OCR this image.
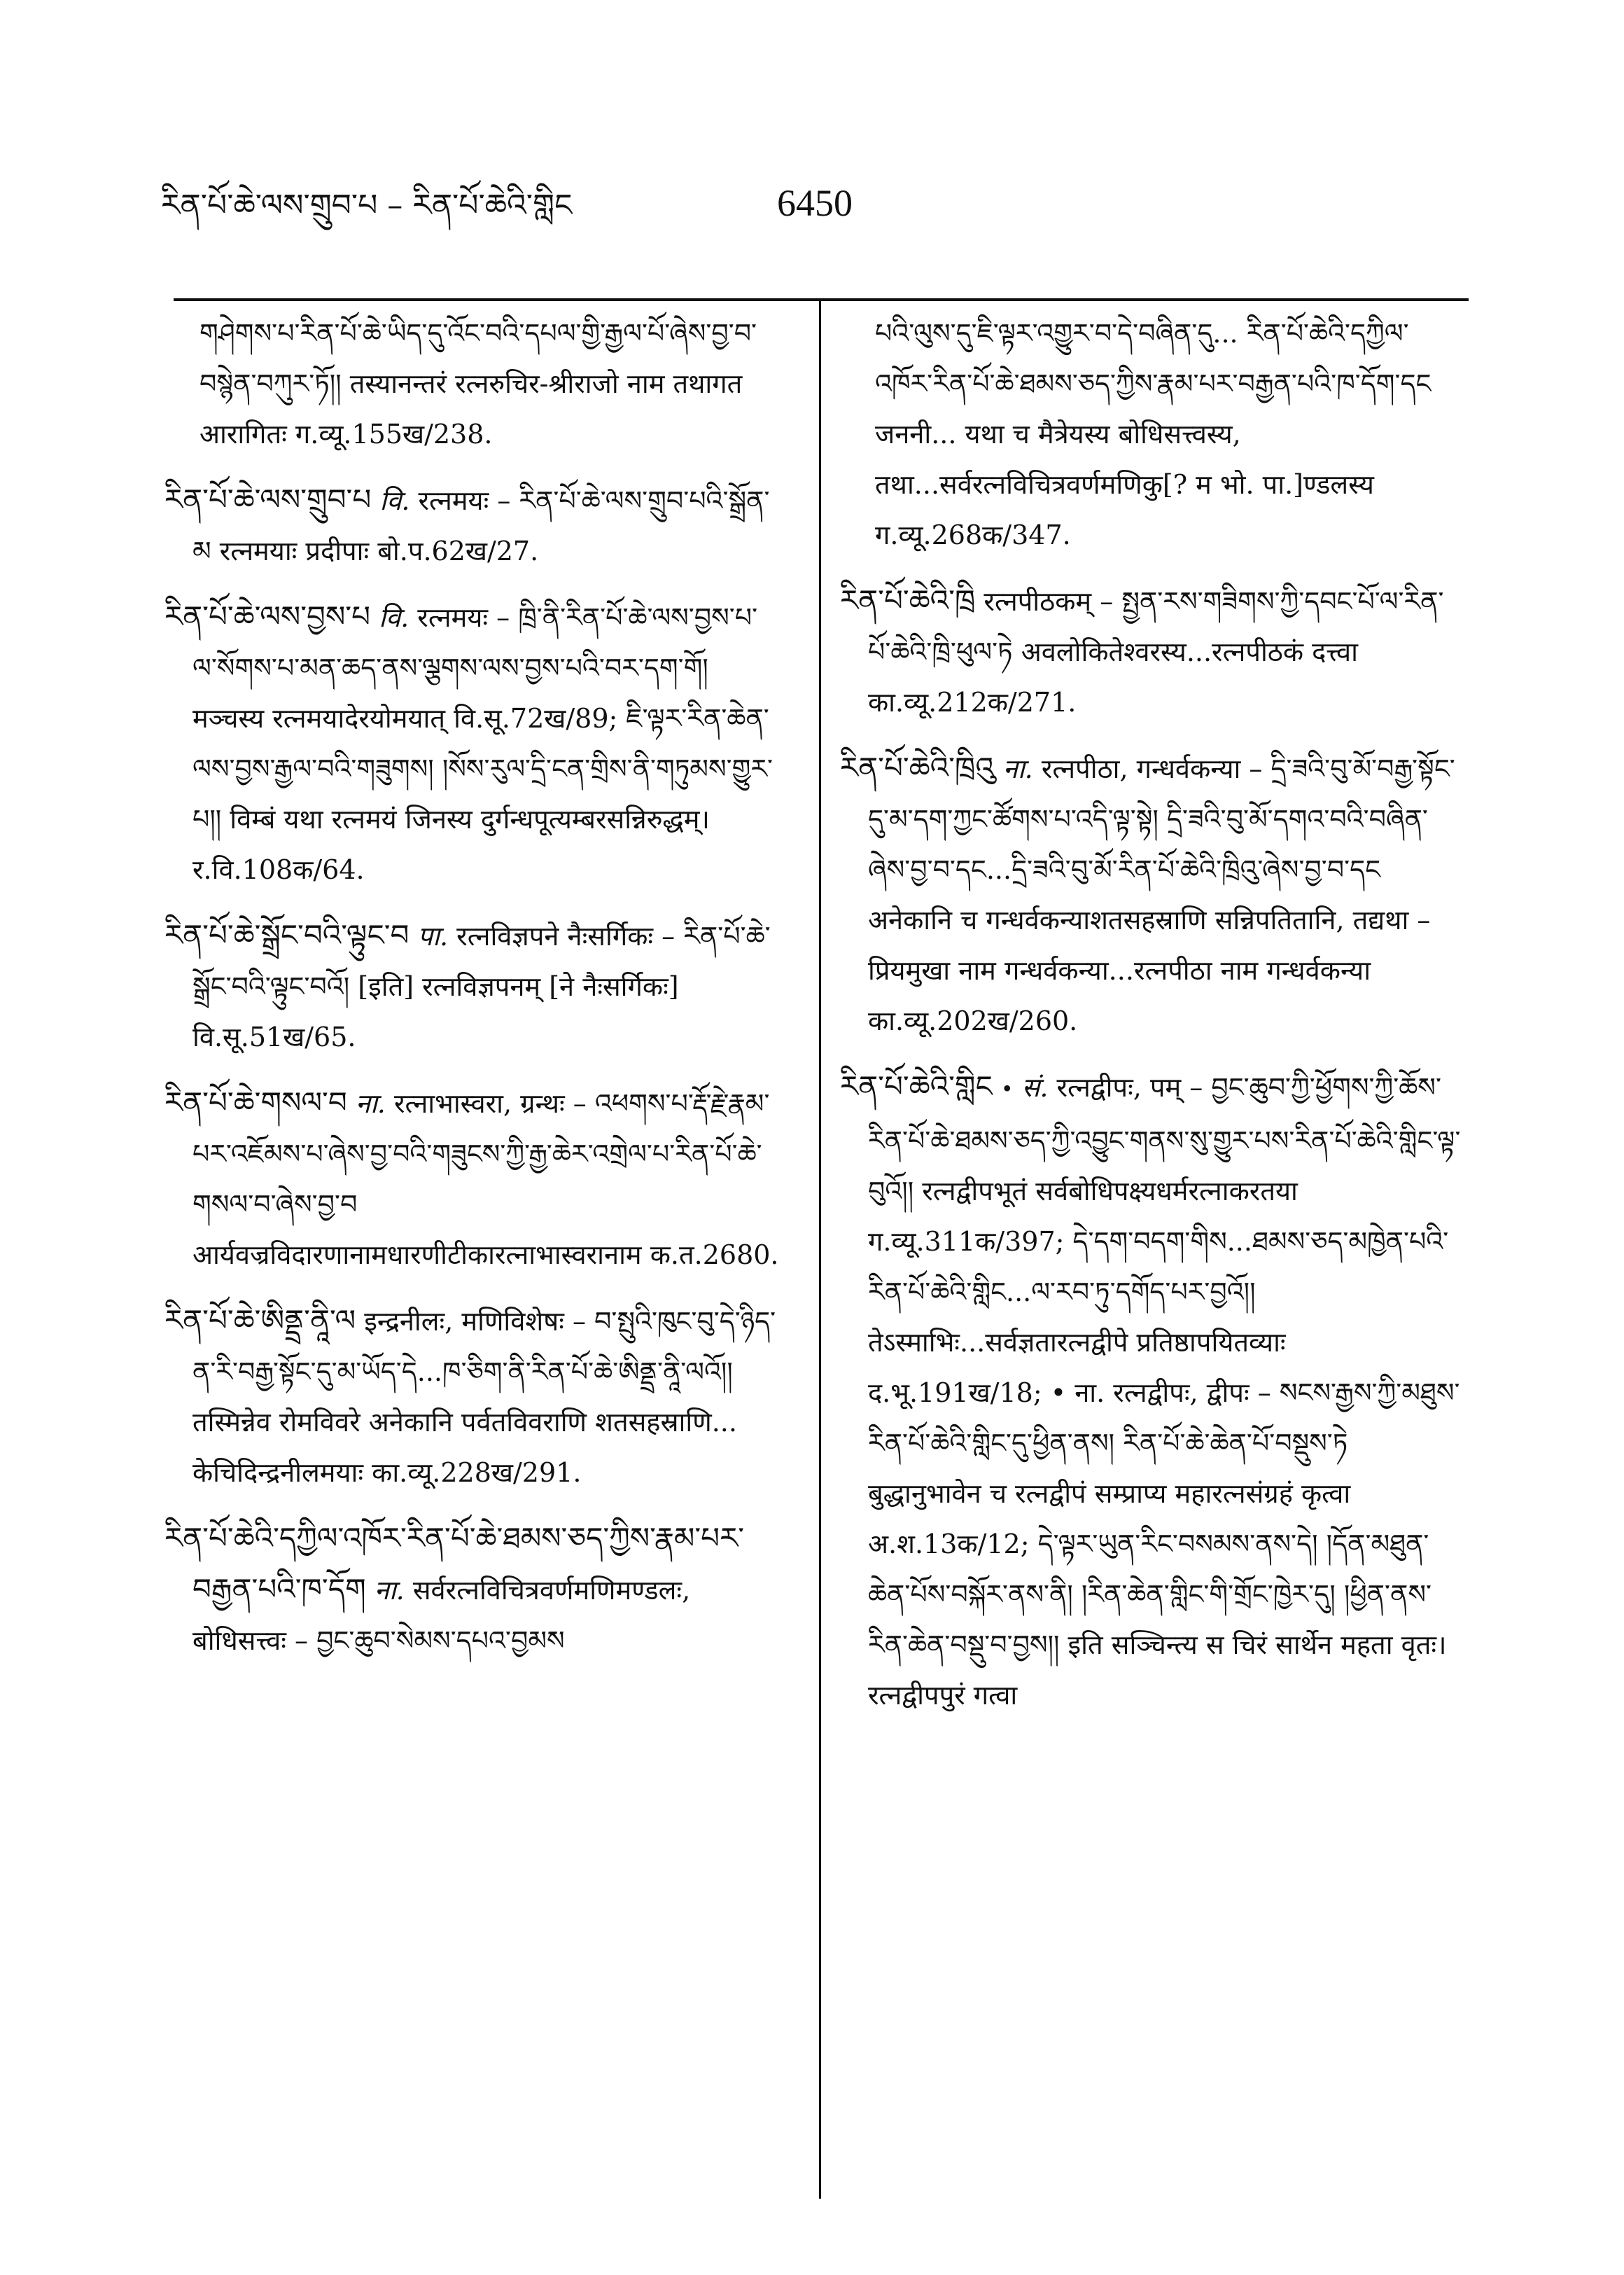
རིན་པོ་ཆེ་ལས་གྲུབ་པ – རིན་པོ་ཆེའི་གླིང	6450

གཤེགས་པ་རིན་པོ་ཆེ་ཡིད་དུ་འོང་བའི་དཔལ་གྱི་རྒྱལ་པོ་ཞེས་བྱ་བ་བསྙེན་བཀུར་ཏོ།། तस्यानन्तरं रत्नरुचिर-श्रीराजो नाम तथागत आरागितः ग.व्यू.155ख/238.

རིན་པོ་ཆེ་ལས་གྲུབ་པ वि. रत्नमयः – རིན་པོ་ཆེ་ལས་གྲུབ་པའི་སྒྲོན་མ रत्नमयाः प्रदीपाः बो.प.62ख/27.

རིན་པོ་ཆེ་ལས་བྱས་པ वि. रत्नमयः – ཁྲི་ནི་རིན་པོ་ཆེ་ལས་བྱས་པ་ལ་སོགས་པ་མན་ཆད་ནས་ལྕགས་ལས་བྱས་པའི་བར་དག་གོ། मञ्चस्य रत्नमयादेरयोमयात् वि.सू.72ख/89; ཇི་ལྟར་རིན་ཆེན་ལས་བྱས་རྒྱལ་བའི་གཟུགས། །སོས་རུལ་དྲི་ངན་གྲིས་ནི་གཏུམས་གྱུར་པ།། विम्बं यथा रत्नमयं जिनस्य दुर्गन्धपूत्यम्बरसन्निरुद्धम्। र.वि.108क/64.

རིན་པོ་ཆེ་སྒྲོང་བའི་ལྟུང་བ पा. रत्नविज्ञपने नैःसर्गिकः – རིན་པོ་ཆེ་སྒྲོང་བའི་ལྟུང་བའོ། [इति] रत्नविज्ञपनम् [ने नैःसर्गिकः] वि.सू.51ख/65.

རིན་པོ་ཆེ་གསལ་བ ना. रत्नाभास्वरा, ग्रन्थः – འཕགས་པ་རྡོ་རྗེ་རྣམ་པར་འཇོམས་པ་ཞེས་བྱ་བའི་གཟུངས་ཀྱི་རྒྱ་ཆེར་འགྲེལ་པ་རིན་པོ་ཆེ་གསལ་བ་ཞེས་བྱ་བ आर्यवज्रविदारणानामधारणीटीकारत्नाभास्वरानाम क.त.2680.

རིན་པོ་ཆེ་ཨིནྡྲ་ནཱི་ལ इन्द्रनीलः, मणिविशेषः – བ་སྤུའི་ཁུང་བུ་དེ་ཉིད་ན་རི་བརྒྱ་སྟོང་དུ་མ་ཡོད་དེ...ཁ་ཅིག་ནི་རིན་པོ་ཆེ་ཨིནྡྲ་ནཱི་ལའོ།། तस्मिन्नेव रोमविवरे अनेकानि पर्वतविवराणि शतसहस्राणि... केचिदिन्द्रनीलमयाः का.व्यू.228ख/291.

རིན་པོ་ཆེའི་དཀྱིལ་འཁོར་རིན་པོ་ཆེ་ཐམས་ཅད་ཀྱིས་རྣམ་པར་བརྒྱན་པའི་ཁ་དོག ना. सर्वरत्नविचित्रवर्णमणिमण्डलः, बोधिसत्त्वः – བྱང་ཆུབ་སེམས་དཔའ་བྱམས

པའི་ལུས་དུ་ཇི་ལྟར་འགྱུར་བ་དེ་བཞིན་དུ... རིན་པོ་ཆེའི་དཀྱིལ་འཁོར་རིན་པོ་ཆེ་ཐམས་ཅད་ཀྱིས་རྣམ་པར་བརྒྱན་པའི་ཁ་དོག་དང जननी... यथा च मैत्रेयस्य बोधिसत्त्वस्य, तथा...सर्वरत्नविचित्रवर्णमणिकु[? म भो. पा.]ण्डलस्य ग.व्यू.268क/347.

རིན་པོ་ཆེའི་ཁྲི रत्नपीठकम् – སྤྱན་རས་གཟིགས་ཀྱི་དབང་པོ་ལ་རིན་པོ་ཆེའི་ཁྲི་ཕུལ་ཏེ अवलोकितेश्वरस्य...रत्नपीठकं दत्त्वा का.व्यू.212क/271.

རིན་པོ་ཆེའི་ཁྲིའུ ना. रत्नपीठा, गन्धर्वकन्या – དྲི་ཟའི་བུ་མོ་བརྒྱ་སྟོང་དུ་མ་དག་ཀྱང་ཚོགས་པ་འདི་ལྟ་སྟེ། དྲི་ཟའི་བུ་མོ་དགའ་བའི་བཞིན་ཞེས་བྱ་བ་དང...དྲི་ཟའི་བུ་མོ་རིན་པོ་ཆེའི་ཁྲིའུ་ཞེས་བྱ་བ་དང अनेकानि च गन्धर्वकन्याशतसहस्राणि सन्निपतितानि, तद्यथा – प्रियमुखा नाम गन्धर्वकन्या...रत्नपीठा नाम गन्धर्वकन्या का.व्यू.202ख/260.

རིན་པོ་ཆེའི་གླིང • सं. रत्नद्वीपः, पम् – བྱང་ཆུབ་ཀྱི་ཕྱོགས་ཀྱི་ཆོས་རིན་པོ་ཆེ་ཐམས་ཅད་ཀྱི་འབྱུང་གནས་སུ་གྱུར་པས་རིན་པོ་ཆེའི་གླིང་ལྟ་བུའོ།། रत्नद्वीपभूतं सर्वबोधिपक्ष्यधर्मरत्नाकरतया ग.व्यू.311क/397; དེ་དག་བདག་གིས...ཐམས་ཅད་མཁྱེན་པའི་རིན་པོ་ཆེའི་གླིང...ལ་རབ་ཏུ་དགོད་པར་བྱའོ།། तेऽस्माभिः...सर्वज्ञतारत्नद्वीपे प्रतिष्ठापयितव्याः द.भू.191ख/18; • ना. रत्नद्वीपः, द्वीपः – སངས་རྒྱས་ཀྱི་མཐུས་རིན་པོ་ཆེའི་གླིང་དུ་ཕྱིན་ནས། རིན་པོ་ཆེ་ཆེན་པོ་བསྡུས་ཏེ बुद्धानुभावेन च रत्नद्वीपं सम्प्राप्य महारत्नसंग्रहं कृत्वा अ.श.13क/12; དེ་ལྟར་ཡུན་རིང་བསམས་ནས་དེ། །དོན་མཐུན་ཆེན་པོས་བསྐོར་ནས་ནི། །རིན་ཆེན་གླིང་གི་གྲོང་ཁྱེར་དུ། །ཕྱིན་ནས་རིན་ཆེན་བསྡུ་བ་བྱས།། इति सञ्चिन्त्य स चिरं सार्थेन महता वृतः। रत्नद्वीपपुरं गत्वा
